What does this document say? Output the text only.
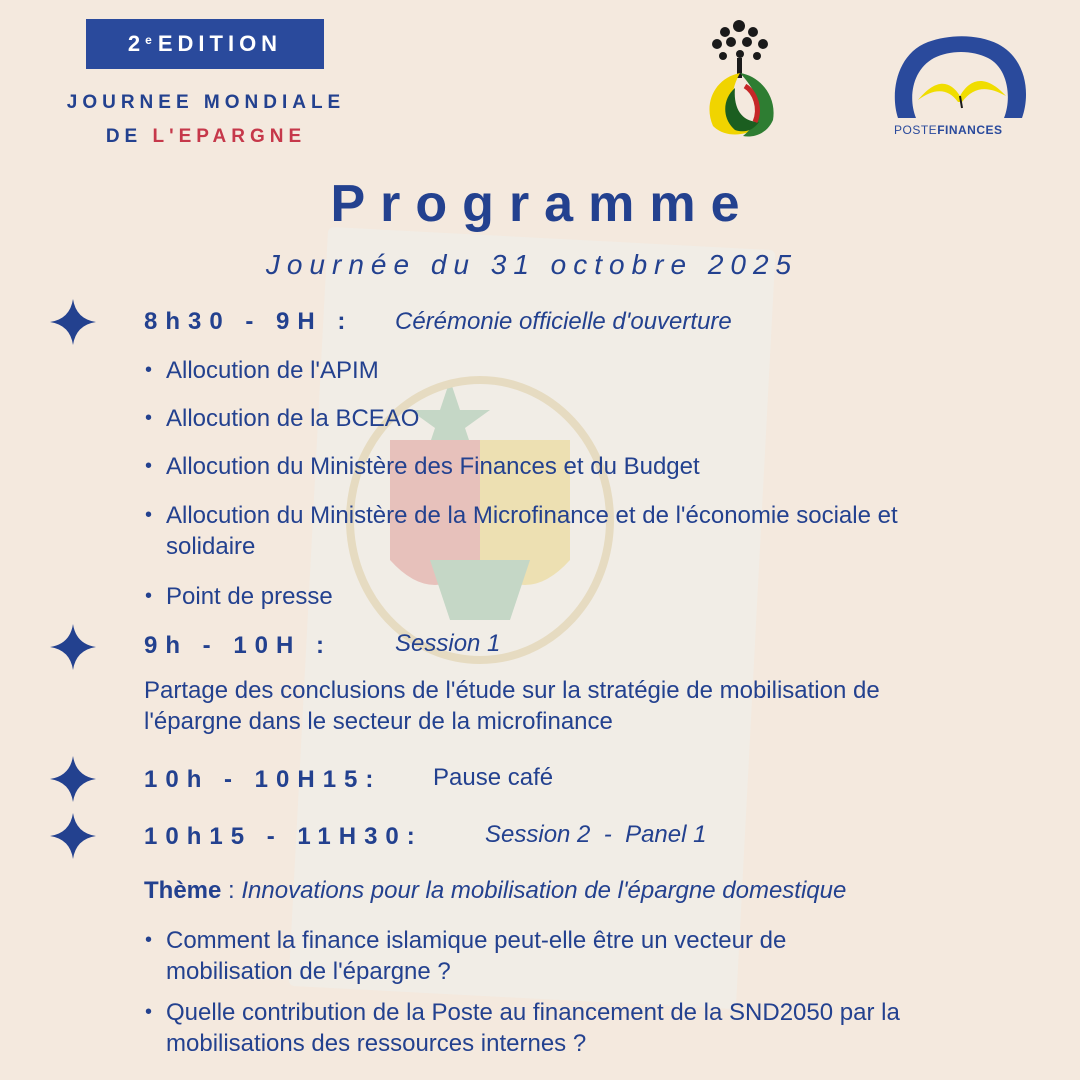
2e EDITION
JOURNEE MONDIALE
DE L'EPARGNE	POSTEFINANCES
Programme
Journée du 31 octobre 2025
8h30 - 9H : Cérémonie officielle d'ouverture
• Allocution de l'APIM
• Allocution de la BCEAO
• Allocution du Ministère des Finances et du Budget
• Allocution du Ministère de la Microfinance et de l'économie sociale et solidaire
• Point de presse
9h - 10H :	Session 1
Partage des conclusions de l'étude sur la stratégie de mobilisation de l'épargne dans le secteur de la microfinance
10h - 10H15: Pause café
10h15 - 11H30:	Session 2  -  Panel 1
Thème : Innovations pour la mobilisation de l'épargne domestique
• Comment la finance islamique peut-elle être un vecteur de mobilisation de l'épargne ?
• Quelle contribution de la Poste au financement de la SND2050 par la mobilisations des ressources internes ?
